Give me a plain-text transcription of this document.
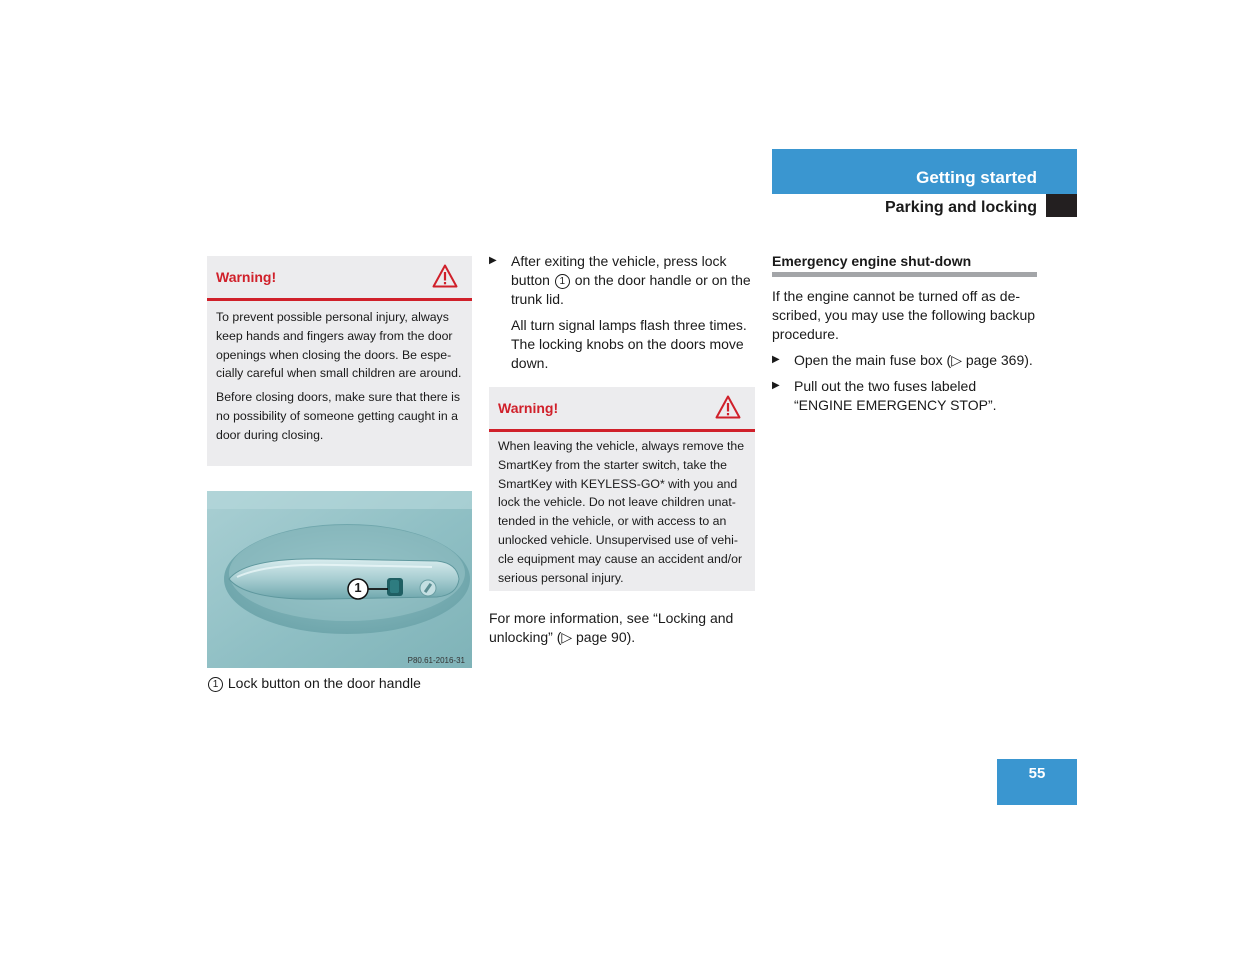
Getting started
Parking and locking
Warning!

To prevent possible personal injury, always keep hands and fingers away from the door openings when closing the doors. Be espe-cially careful when small children are around.

Before closing doors, make sure that there is no possibility of someone getting caught in a door during closing.

1
P80.61-2016-31
1 Lock button on the door handle
▶ After exiting the vehicle, press lock button 1 on the door handle or on the trunk lid.
All turn signal lamps flash three times. The locking knobs on the doors move down.
Warning!

When leaving the vehicle, always remove the SmartKey from the starter switch, take the SmartKey with KEYLESS-GO* with you and lock the vehicle. Do not leave children unat-tended in the vehicle, or with access to an unlocked vehicle. Unsupervised use of vehi-cle equipment may cause an accident and/or serious personal injury.

For more information, see “Locking and unlocking” (▷ page 90).
Emergency engine shut-down
If the engine cannot be turned off as de-scribed, you may use the following backup procedure.
▶ Open the main fuse box (▷ page 369).
▶ Pull out the two fuses labeled “ENGINE EMERGENCY STOP”.
55
